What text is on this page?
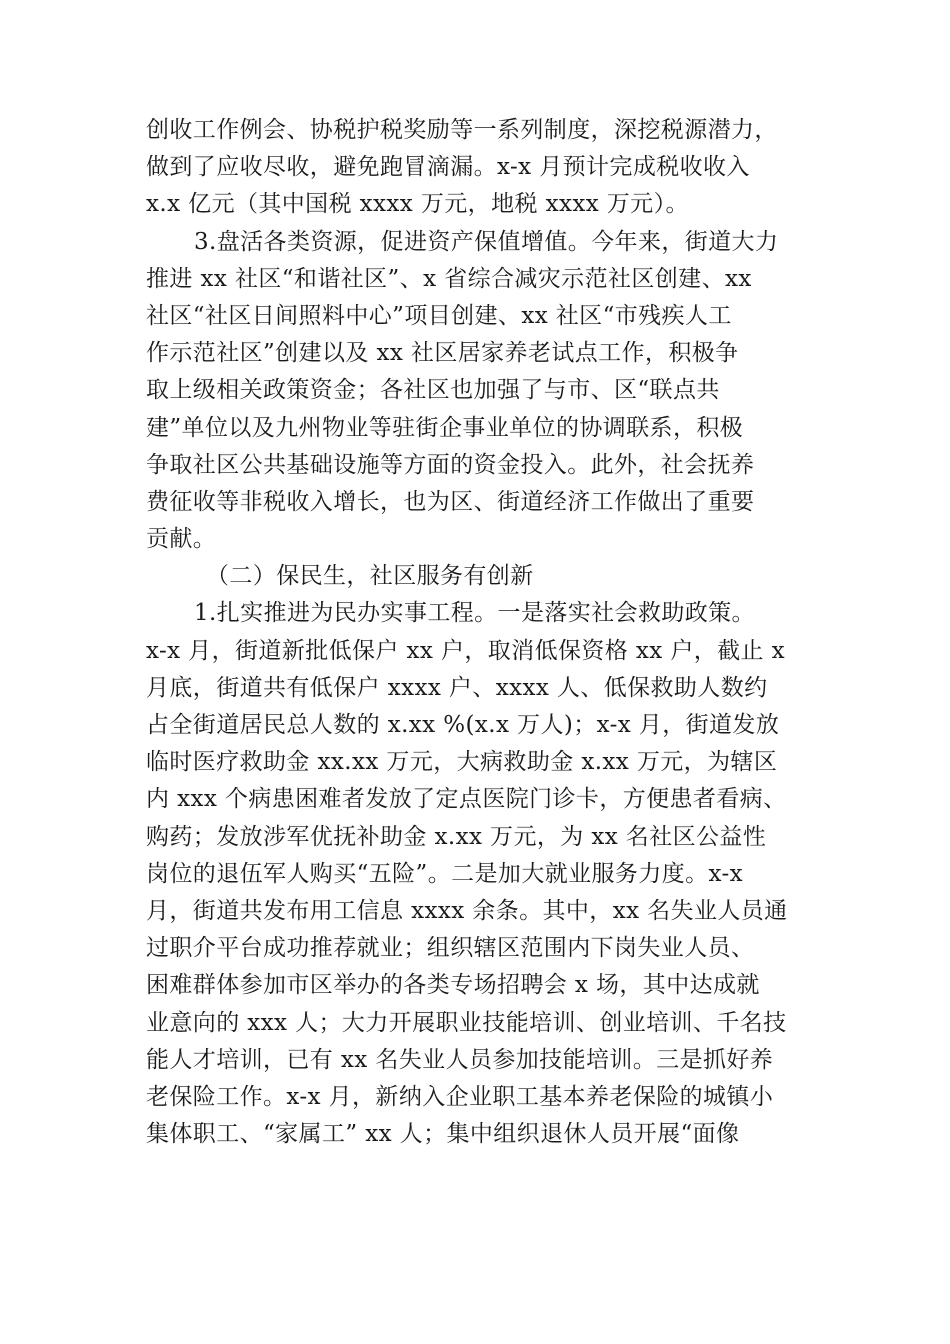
创收工作例会、协税护税奖励等一系列制度，深挖税源潜力，
做到了应收尽收，避免跑冒滴漏。x-x 月预计完成税收收入
x.x 亿元（其中国税 xxxx 万元，地税 xxxx 万元）。
3.盘活各类资源，促进资产保值增值。今年来，街道大力
推进 xx 社区“和谐社区”、x 省综合减灾示范社区创建、xx
社区“社区日间照料中心”项目创建、xx 社区“市残疾人工
作示范社区”创建以及 xx 社区居家养老试点工作，积极争
取上级相关政策资金；各社区也加强了与市、区“联点共
建”单位以及九州物业等驻街企事业单位的协调联系，积极
争取社区公共基础设施等方面的资金投入。此外，社会抚养
费征收等非税收入增长，也为区、街道经济工作做出了重要
贡献。
（二）保民生，社区服务有创新
1.扎实推进为民办实事工程。一是落实社会救助政策。
x-x 月，街道新批低保户 xx 户，取消低保资格 xx 户，截止 x
月底，街道共有低保户 xxxx 户、xxxx 人、低保救助人数约
占全街道居民总人数的 x.xx %(x.x 万人)；x-x 月，街道发放
临时医疗救助金 xx.xx 万元，大病救助金 x.xx 万元，为辖区
内 xxx 个病患困难者发放了定点医院门诊卡，方便患者看病、
购药；发放涉军优抚补助金 x.xx 万元，为 xx 名社区公益性
岗位的退伍军人购买“五险”。二是加大就业服务力度。x-x
月，街道共发布用工信息 xxxx 余条。其中，xx 名失业人员通
过职介平台成功推荐就业；组织辖区范围内下岗失业人员、
困难群体参加市区举办的各类专场招聘会 x 场，其中达成就
业意向的 xxx 人；大力开展职业技能培训、创业培训、千名技
能人才培训，已有 xx 名失业人员参加技能培训。三是抓好养
老保险工作。x-x 月，新纳入企业职工基本养老保险的城镇小
集体职工、“家属工” xx 人；集中组织退休人员开展“面像
